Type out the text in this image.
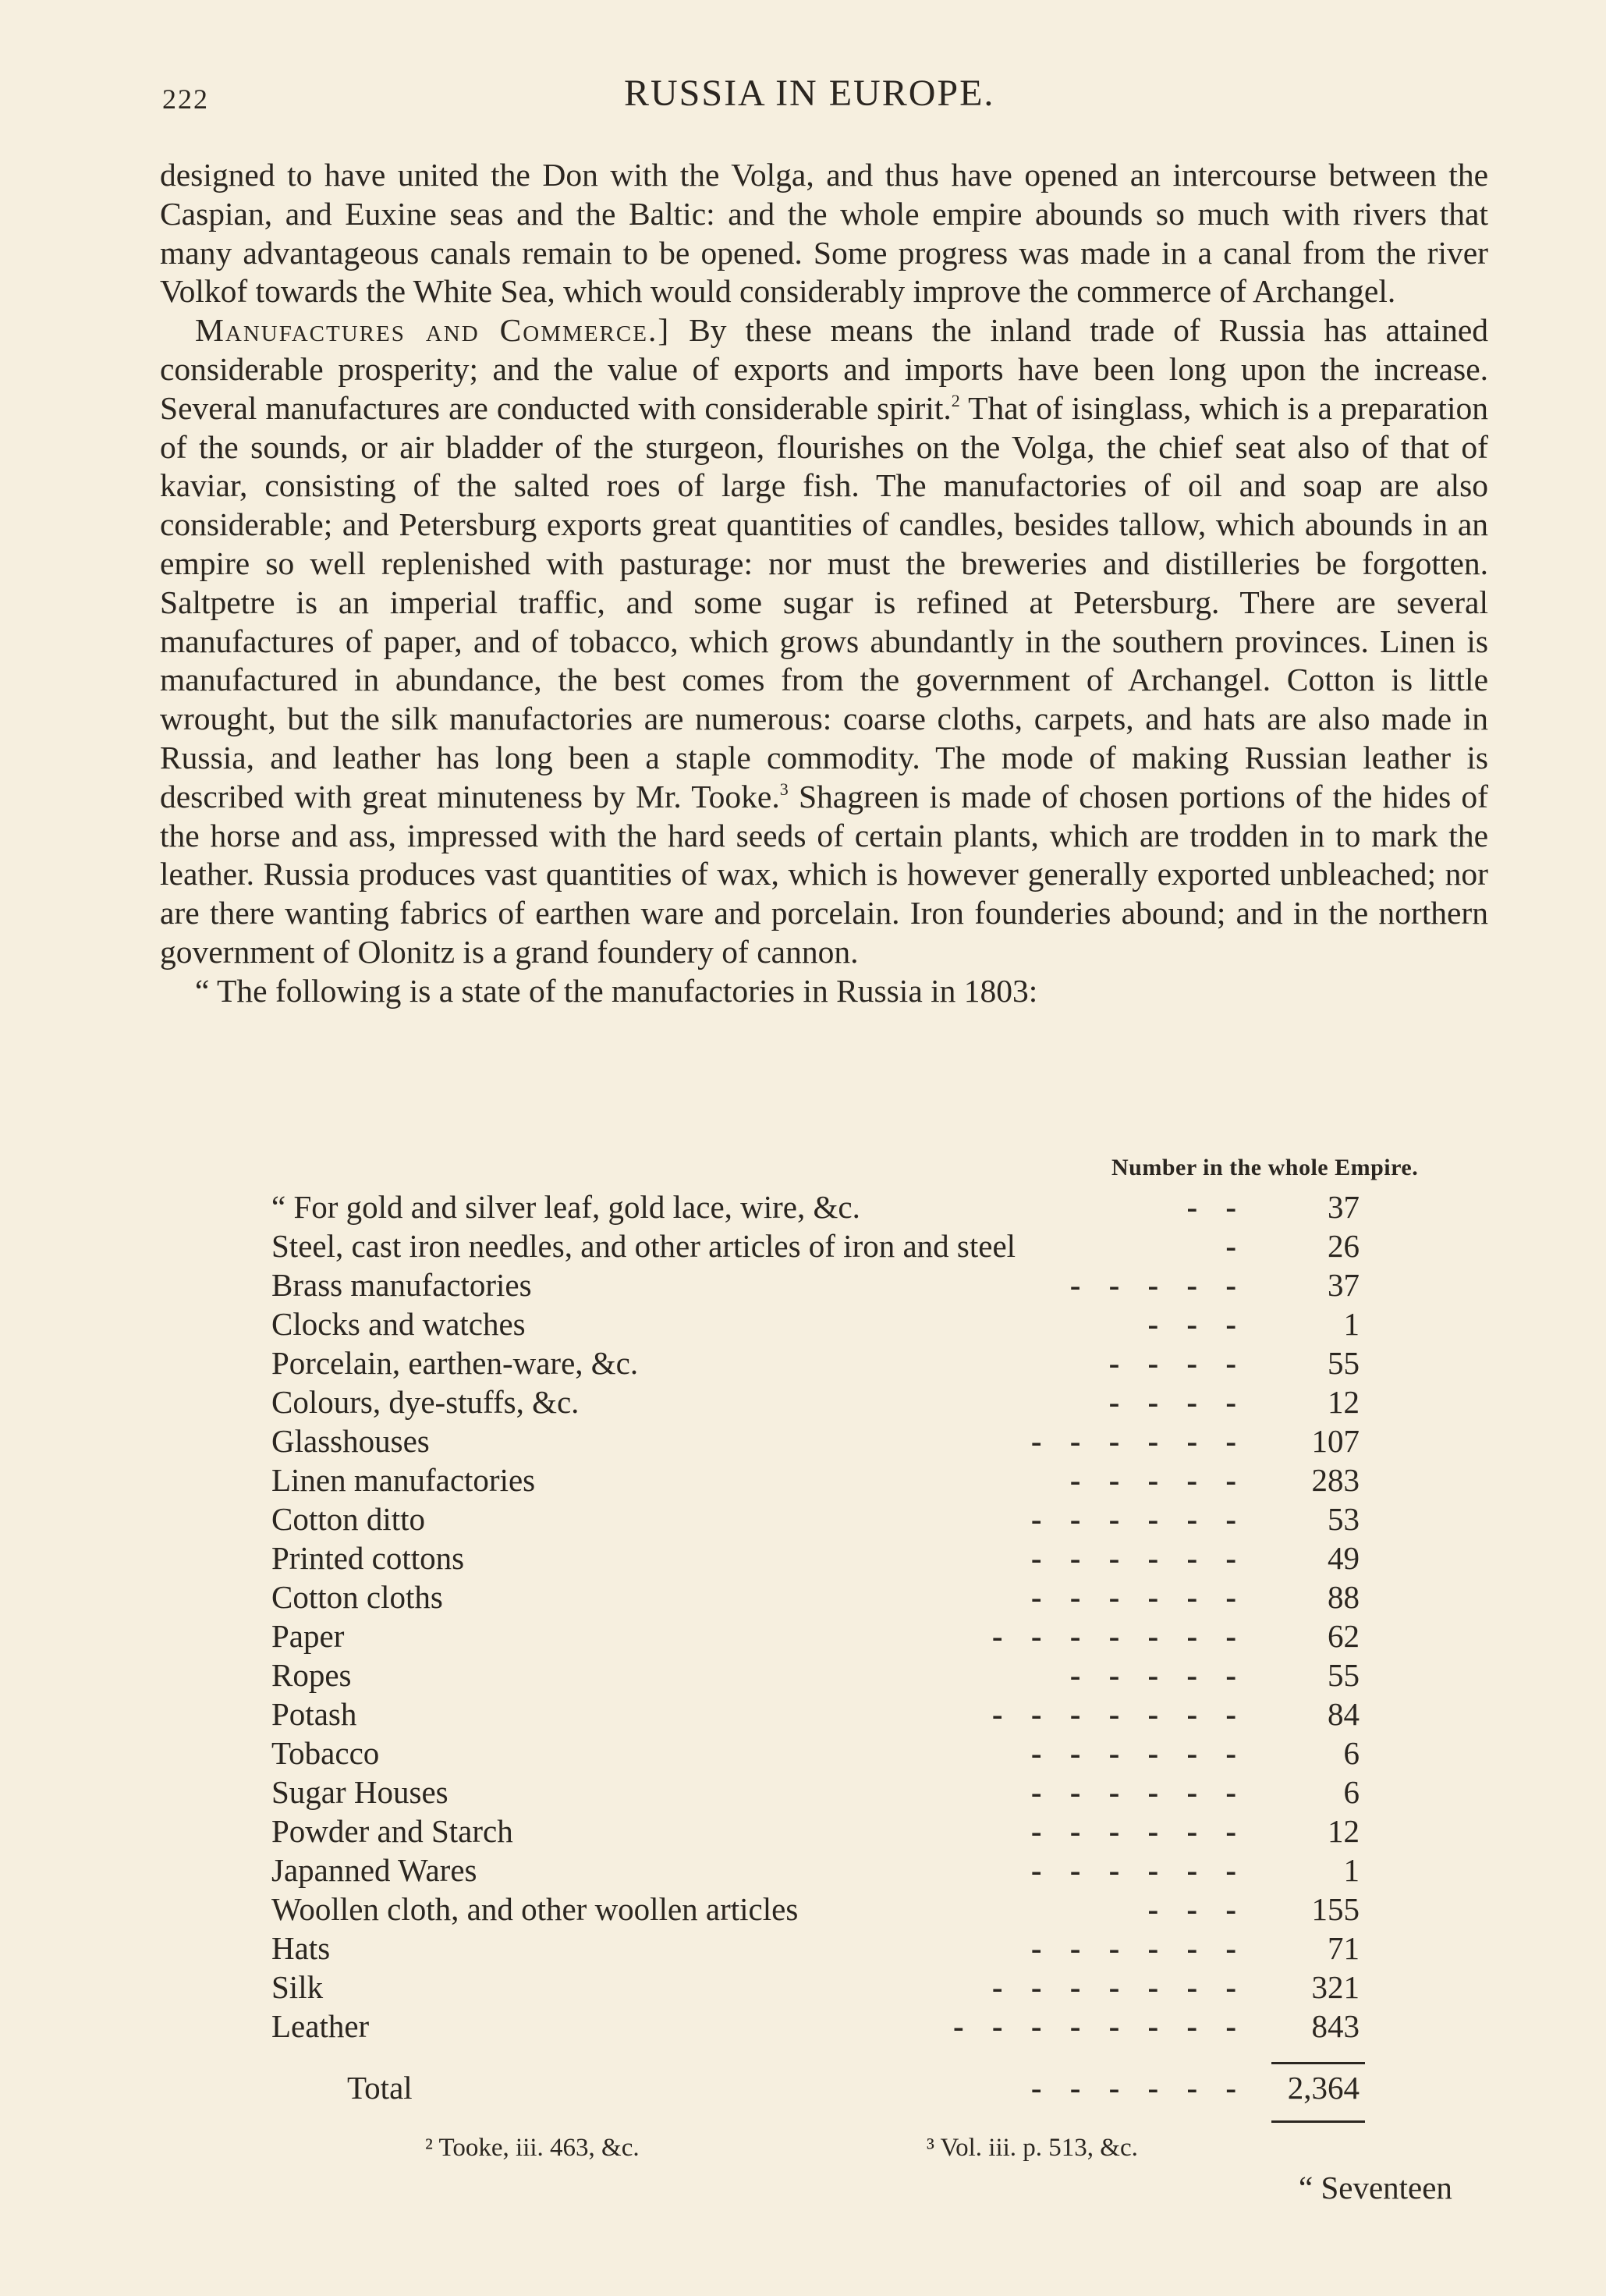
222	RUSSIA IN EUROPE.

designed to have united the Don with the Volga, and thus have opened an intercourse between the Caspian, and Euxine seas and the Baltic: and the whole empire abounds so much with rivers that many advantageous canals remain to be opened. Some progress was made in a canal from the river Volkof towards the White Sea, which would considerably improve the commerce of Archangel.

Manufactures and Commerce.] By these means the inland trade of Russia has attained considerable prosperity; and the value of exports and imports have been long upon the increase. Several manufactures are conducted with considerable spirit.$^2$ That of isinglass, which is a preparation of the sounds, or air bladder of the sturgeon, flourishes on the Volga, the chief seat also of that of kaviar, consisting of the salted roes of large fish. The manufactories of oil and soap are also considerable; and Petersburg exports great quantities of candles, besides tallow, which abounds in an empire so well replenished with pasturage: nor must the breweries and distilleries be forgotten. Saltpetre is an imperial traffic, and some sugar is refined at Petersburg. There are several manufactures of paper, and of tobacco, which grows abundantly in the southern provinces. Linen is manufactured in abundance, the best comes from the government of Archangel. Cotton is little wrought, but the silk manufactories are numerous: coarse cloths, carpets, and hats are also made in Russia, and leather has long been a staple commodity. The mode of making Russian leather is described with great minuteness by Mr. Tooke.$^3$ Shagreen is made of chosen portions of the hides of the horse and ass, impressed with the hard seeds of certain plants, which are trodden in to mark the leather. Russia produces vast quantities of wax, which is however generally exported unbleached; nor are there wanting fabrics of earthen ware and porcelain. Iron founderies abound; and in the northern government of Olonitz is a grand foundery of cannon.

“ The following is a state of the manufactories in Russia in 1803:

Number in the whole Empire.
“ For gold and silver leaf, gold lace, wire, &c.	- -	37
Steel, cast iron needles, and other articles of iron and steel	-	26
Brass manufactories	- - - - -	37
Clocks and watches	- - -	1
Porcelain, earthen-ware, &c.	- - - -	55
Colours, dye-stuffs, &c.	- - - -	12
Glasshouses	- - - - - -	107
Linen manufactories	- - - - -	283
Cotton ditto	- - - - - -	53
Printed cottons	- - - - - -	49
Cotton cloths	- - - - - -	88
Paper	- - - - - - -	62
Ropes	- - - - -	55
Potash	- - - - - - -	84
Tobacco	- - - - - -	6
Sugar Houses	- - - - - -	6
Powder and Starch	- - - - - -	12
Japanned Wares	- - - - - -	1
Woollen cloth, and other woollen articles	- - -	155
Hats	- - - - - -	71
Silk	- - - - - - -	321
Leather	- - - - - - - -	843
Total	- - - - - -	2,364
² Tooke, iii. 463, &c.	³ Vol. iii. p. 513, &c.
“ Seventeen
